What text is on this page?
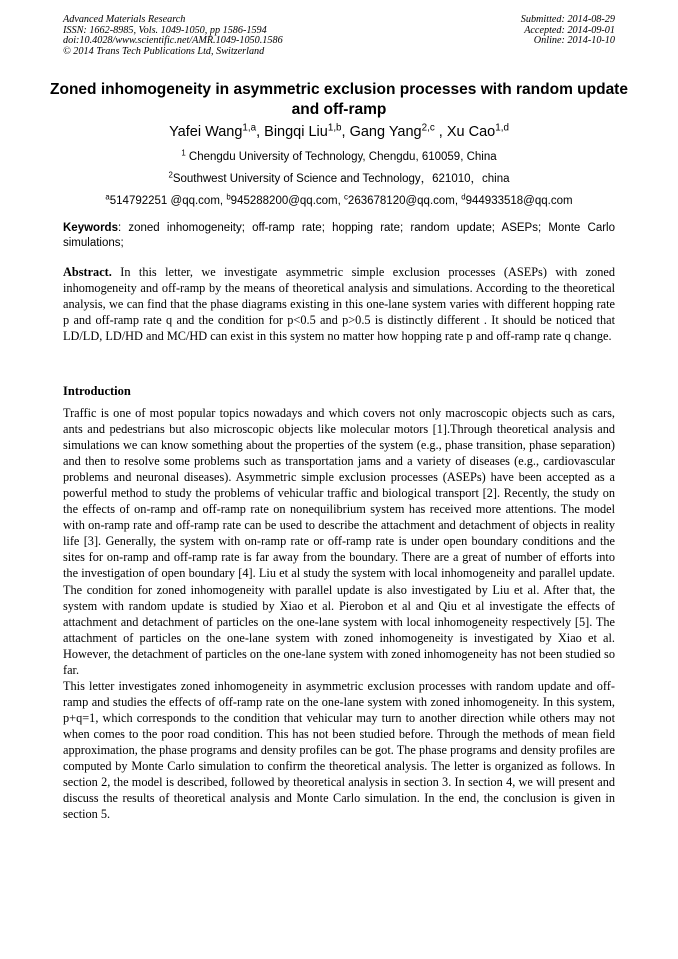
Advanced Materials Research
ISSN: 1662-8985, Vols. 1049-1050, pp 1586-1594
doi:10.4028/www.scientific.net/AMR.1049-1050.1586
© 2014 Trans Tech Publications Ltd, Switzerland
Submitted: 2014-08-29
Accepted: 2014-09-01
Online: 2014-10-10
Zoned inhomogeneity in asymmetric exclusion processes with random update and off-ramp
Yafei Wang$^{1,a}$, Bingqi Liu$^{1,b}$, Gang Yang$^{2,c}$ , Xu Cao$^{1,d}$
$^1$ Chengdu University of Technology, Chengdu, 610059, China
$^2$Southwest University of Science and Technology，621010，china
$^a$514792251 @qq.com, $^b$945288200@qq.com, $^c$263678120@qq.com, $^d$944933518@qq.com
Keywords: zoned inhomogeneity; off-ramp rate; hopping rate; random update; ASEPs; Monte Carlo simulations;
Abstract. In this letter, we investigate asymmetric simple exclusion processes (ASEPs) with zoned inhomogeneity and off-ramp by the means of theoretical analysis and simulations. According to the theoretical analysis, we can find that the phase diagrams existing in this one-lane system varies with different hopping rate p and off-ramp rate q and the condition for p<0.5 and p>0.5 is distinctly different . It should be noticed that LD/LD, LD/HD and MC/HD can exist in this system no matter how hopping rate p and off-ramp rate q change.
Introduction

Traffic is one of most popular topics nowadays and which covers not only macroscopic objects such as cars, ants and pedestrians but also microscopic objects like molecular motors [1].Through theoretical analysis and simulations we can know something about the properties of the system (e.g., phase transition, phase separation) and then to resolve some problems such as transportation jams and a variety of diseases (e.g., cardiovascular problems and neuronal diseases). Asymmetric simple exclusion processes (ASEPs) have been accepted as a powerful method to study the problems of vehicular traffic and biological transport [2]. Recently, the study on the effects of on-ramp and off-ramp rate on nonequilibrium system has received more attentions. The model with on-ramp rate and off-ramp rate can be used to describe the attachment and detachment of objects in reality life [3]. Generally, the system with on-ramp rate or off-ramp rate is under open boundary conditions and the sites for on-ramp and off-ramp rate is far away from the boundary. There are a great of number of efforts into the investigation of open boundary [4]. Liu et al study the system with local inhomogeneity and parallel update. The condition for zoned inhomogeneity with parallel update is also investigated by Liu et al. After that, the system with random update is studied by Xiao et al. Pierobon et al and Qiu et al investigate the effects of attachment and detachment of particles on the one-lane system with local inhomogeneity respectively [5]. The attachment of particles on the one-lane system with zoned inhomogeneity is investigated by Xiao et al. However, the detachment of particles on the one-lane system with zoned inhomogeneity has not been studied so far.

This letter investigates zoned inhomogeneity in asymmetric exclusion processes with random update and off-ramp and studies the effects of off-ramp rate on the one-lane system with zoned inhomogeneity. In this system, p+q=1, which corresponds to the condition that vehicular may turn to another direction while others may not when comes to the poor road condition. This has not been studied before. Through the methods of mean field approximation, the phase programs and density profiles can be got. The phase programs and density profiles are computed by Monte Carlo simulation to confirm the theoretical analysis. The letter is organized as follows. In section 2, the model is described, followed by theoretical analysis in section 3. In section 4, we will present and discuss the results of theoretical analysis and Monte Carlo simulation. In the end, the conclusion is given in section 5.
